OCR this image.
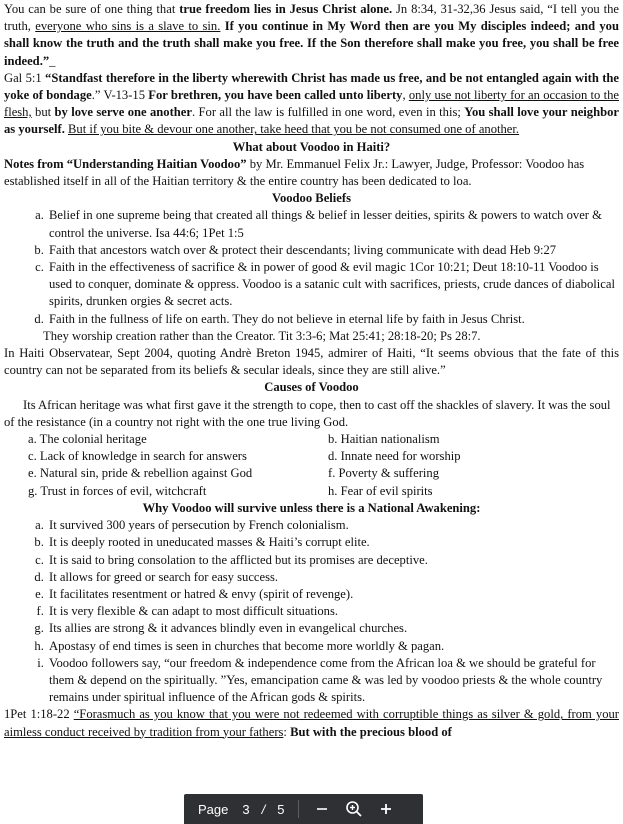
You can be sure of one thing that true freedom lies in Jesus Christ alone. Jn 8:34, 31-32,36 Jesus said, “I tell you the truth, everyone who sins is a slave to sin. If you continue in My Word then are you My disciples indeed; and you shall know the truth and the truth shall make you free. If the Son therefore shall make you free, you shall be free indeed.”_

Gal 5:1 “Standfast therefore in the liberty wherewith Christ has made us free, and be not entangled again with the yoke of bondage.” V-13-15 For brethren, you have been called unto liberty, only use not liberty for an occasion to the flesh, but by love serve one another. For all the law is fulfilled in one word, even in this; You shall love your neighbor as yourself. But if you bite & devour one another, take heed that you be not consumed one of another.

What about Voodoo in Haiti?

Notes from “Understanding Haitian Voodoo” by Mr. Emmanuel Felix Jr.: Lawyer, Judge, Professor: Voodoo has established itself in all of the Haitian territory & the entire country has been dedicated to loa.

Voodoo Beliefs

a. Belief in one supreme being that created all things & belief in lesser deities, spirits & powers to watch over & control the universe. Isa 44:6; 1Pet 1:5
b. Faith that ancestors watch over & protect their descendants; living communicate with dead Heb 9:27
c. Faith in the effectiveness of sacrifice & in power of good & evil magic 1Cor 10:21; Deut 18:10-11 Voodoo is used to conquer, dominate & oppress. Voodoo is a satanic cult with sacrifices, priests, crude dances of diabolical spirits, drunken orgies & secret acts.
d. Faith in the fullness of life on earth. They do not believe in eternal life by faith in Jesus Christ.

They worship creation rather than the Creator. Tit 3:3-6; Mat 25:41; 28:18-20; Ps 28:7.

In Haiti Observatear, Sept 2004, quoting Andrè Breton 1945, admirer of Haiti, “It seems obvious that the fate of this country can not be separated from its beliefs & secular ideals, since they are still alive.”

Causes of Voodoo

Its African heritage was what first gave it the strength to cope, then to cast off the shackles of slavery. It was the soul of the resistance (in a country not right with the one true living God.

a. The colonial heritage	b. Haitian nationalism
c. Lack of knowledge in search for answers	d. Innate need for worship
e. Natural sin, pride & rebellion against God	f. Poverty & suffering
g. Trust in forces of evil, witchcraft	h. Fear of evil spirits

Why Voodoo will survive unless there is a National Awakening:

a. It survived 300 years of persecution by French colonialism.
b. It is deeply rooted in uneducated masses & Haiti’s corrupt elite.
c. It is said to bring consolation to the afflicted but its promises are deceptive.
d. It allows for greed or search for easy success.
e. It facilitates resentment or hatred & envy (spirit of revenge).
f. It is very flexible & can adapt to most difficult situations.
g. Its allies are strong & it advances blindly even in evangelical churches.
h. Apostasy of end times is seen in churches that become more worldly & pagan.
i. Voodoo followers say, “our freedom & independence come from the African loa & we should be grateful for them & depend on the spiritually. ”Yes, emancipation came & was led by voodoo priests & the whole country remains under spiritual influence of the African gods & spirits.

1Pet 1:18-22 “Forasmuch as you know that you were not redeemed with corruptible things as silver & gold, from your aimless conduct received by tradition from your fathers: But with the precious blood of

Page 3 / 5
